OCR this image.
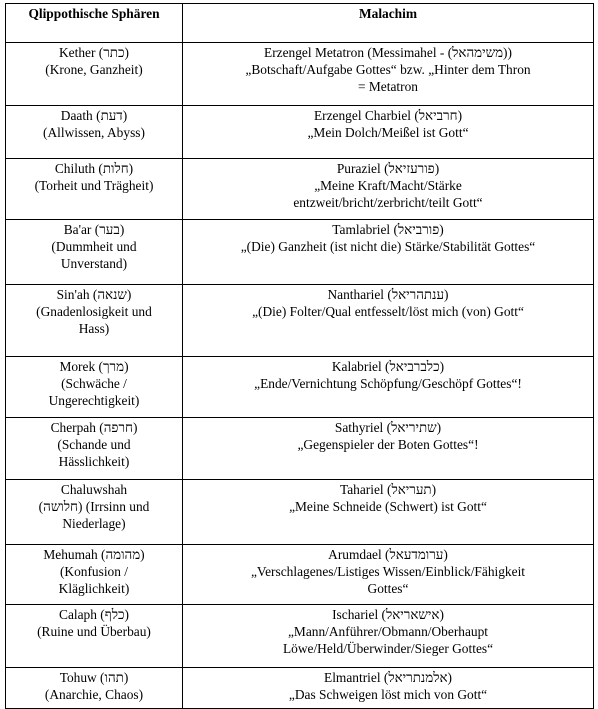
Qlippothische Sphären	Malachim

Kether (כתר)
(Krone, Ganzheit)	Erzengel Metatron (Messimahel - (משימהאל))
„Botschaft/Aufgabe Gottes“ bzw. „Hinter dem Thron
= Metatron

Daath (דעת)
(Allwissen, Abyss)	Erzengel Charbiel (חרביאל)
„Mein Dolch/Meißel ist Gott“

Chiluth (חלות)
(Torheit und Trägheit)	Puraziel (פורעזיאל)
„Meine Kraft/Macht/Stärke
entzweit/bricht/zerbricht/teilt Gott“

Ba'ar (בער)
(Dummheit und
Unverstand)	Tamlabriel (פורביאל)
„(Die) Ganzheit (ist nicht die) Stärke/Stabilität Gottes“

Sin'ah (שנאה)
(Gnadenlosigkeit und
Hass)	Nanthariel (ענתהריאל)
„(Die) Folter/Qual entfesselt/löst mich (von) Gott“

Morek (מרך)
(Schwäche /
Ungerechtigkeit)	Kalabriel (כלברביאל)
„Ende/Vernichtung Schöpfung/Geschöpf Gottes“!

Cherpah (חרפה)
(Schande und
Hässlichkeit)	Sathyriel (שתיריאל)
„Gegenspieler der Boten Gottes“!

Chaluwshah
(חלושה) (Irrsinn und
Niederlage)	Tahariel (תעריאל)
„Meine Schneide (Schwert) ist Gott“

Mehumah (מהומה)
(Konfusion /
Kläglichkeit)	Arumdael (ערומדעאל)
„Verschlagenes/Listiges Wissen/Einblick/Fähigkeit
Gottes“

Calaph (כלף)
(Ruine und Überbau)	Ischariel (אישאריאל)
„Mann/Anführer/Obmann/Oberhaupt
Löwe/Held/Überwinder/Sieger Gottes“

Tohuw (תהו)
(Anarchie, Chaos)	Elmantriel (אלמנתריאל)
„Das Schweigen löst mich von Gott“
